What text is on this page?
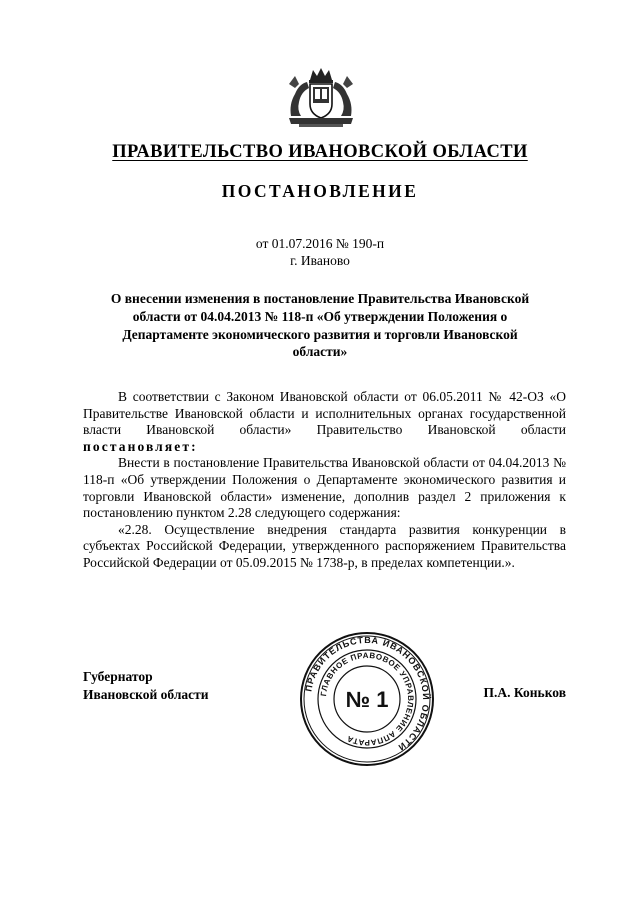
ПРАВИТЕЛЬСТВО ИВАНОВСКОЙ ОБЛАСТИ
ПОСТАНОВЛЕНИЕ

от 01.07.2016 № 190-п

г. Иваново

О внесении изменения в постановление Правительства Ивановской области от 04.04.2013 № 118-п «Об утверждении Положения о Департаменте экономического развития и торговли Ивановской области»

В соответствии с Законом Ивановской области от 06.05.2011 № 42-ОЗ «О Правительстве Ивановской области и исполнительных органах государственной власти Ивановской области» Правительство Ивановской области постановляет:

Внести в постановление Правительства Ивановской области от 04.04.2013 № 118-п «Об утверждении Положения о Департаменте экономического развития и торговли Ивановской области» изменение, дополнив раздел 2 приложения к постановлению пунктом 2.28 следующего содержания:

«2.28. Осуществление внедрения стандарта развития конкуренции в субъектах Российской Федерации, утвержденного распоряжением Правительства Российской Федерации от 05.09.2015 № 1738-р, в пределах компетенции.».

Губернатор
Ивановской области	ПРАВИТЕЛЬСТВА ИВАНОВСКОЙ ОБЛАСТИ
ГЛАВНОЕ ПРАВОВОЕ УПРАВЛЕНИЕ АППАРАТА
№ 1	П.А. Коньков
